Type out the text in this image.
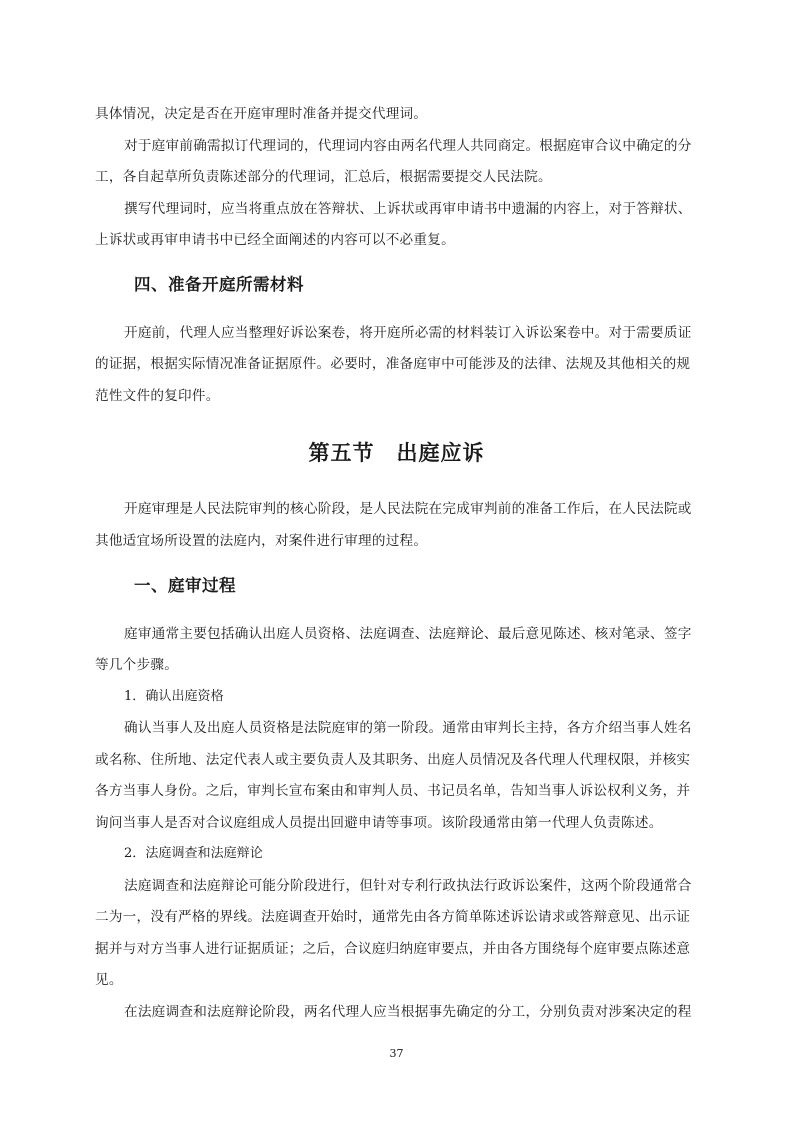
具体情况，决定是否在开庭审理时准备并提交代理词。
对于庭审前确需拟订代理词的，代理词内容由两名代理人共同商定。根据庭审合议中确定的分
工，各自起草所负责陈述部分的代理词，汇总后，根据需要提交人民法院。
撰写代理词时，应当将重点放在答辩状、上诉状或再审申请书中遗漏的内容上，对于答辩状、
上诉状或再审申请书中已经全面阐述的内容可以不必重复。
四、准备开庭所需材料
开庭前，代理人应当整理好诉讼案卷，将开庭所必需的材料装订入诉讼案卷中。对于需要质证
的证据，根据实际情况准备证据原件。必要时，准备庭审中可能涉及的法律、法规及其他相关的规
范性文件的复印件。
第五节　出庭应诉
开庭审理是人民法院审判的核心阶段，是人民法院在完成审判前的准备工作后，在人民法院或
其他适宜场所设置的法庭内，对案件进行审理的过程。
一、庭审过程
庭审通常主要包括确认出庭人员资格、法庭调查、法庭辩论、最后意见陈述、核对笔录、签字
等几个步骤。
1．确认出庭资格
确认当事人及出庭人员资格是法院庭审的第一阶段。通常由审判长主持，各方介绍当事人姓名
或名称、住所地、法定代表人或主要负责人及其职务、出庭人员情况及各代理人代理权限，并核实
各方当事人身份。之后，审判长宣布案由和审判人员、书记员名单，告知当事人诉讼权利义务，并
询问当事人是否对合议庭组成人员提出回避申请等事项。该阶段通常由第一代理人负责陈述。
2．法庭调查和法庭辩论
法庭调查和法庭辩论可能分阶段进行，但针对专利行政执法行政诉讼案件，这两个阶段通常合
二为一，没有严格的界线。法庭调查开始时，通常先由各方简单陈述诉讼请求或答辩意见、出示证
据并与对方当事人进行证据质证；之后，合议庭归纳庭审要点，并由各方围绕每个庭审要点陈述意
见。
在法庭调查和法庭辩论阶段，两名代理人应当根据事先确定的分工，分别负责对涉案决定的程
37
